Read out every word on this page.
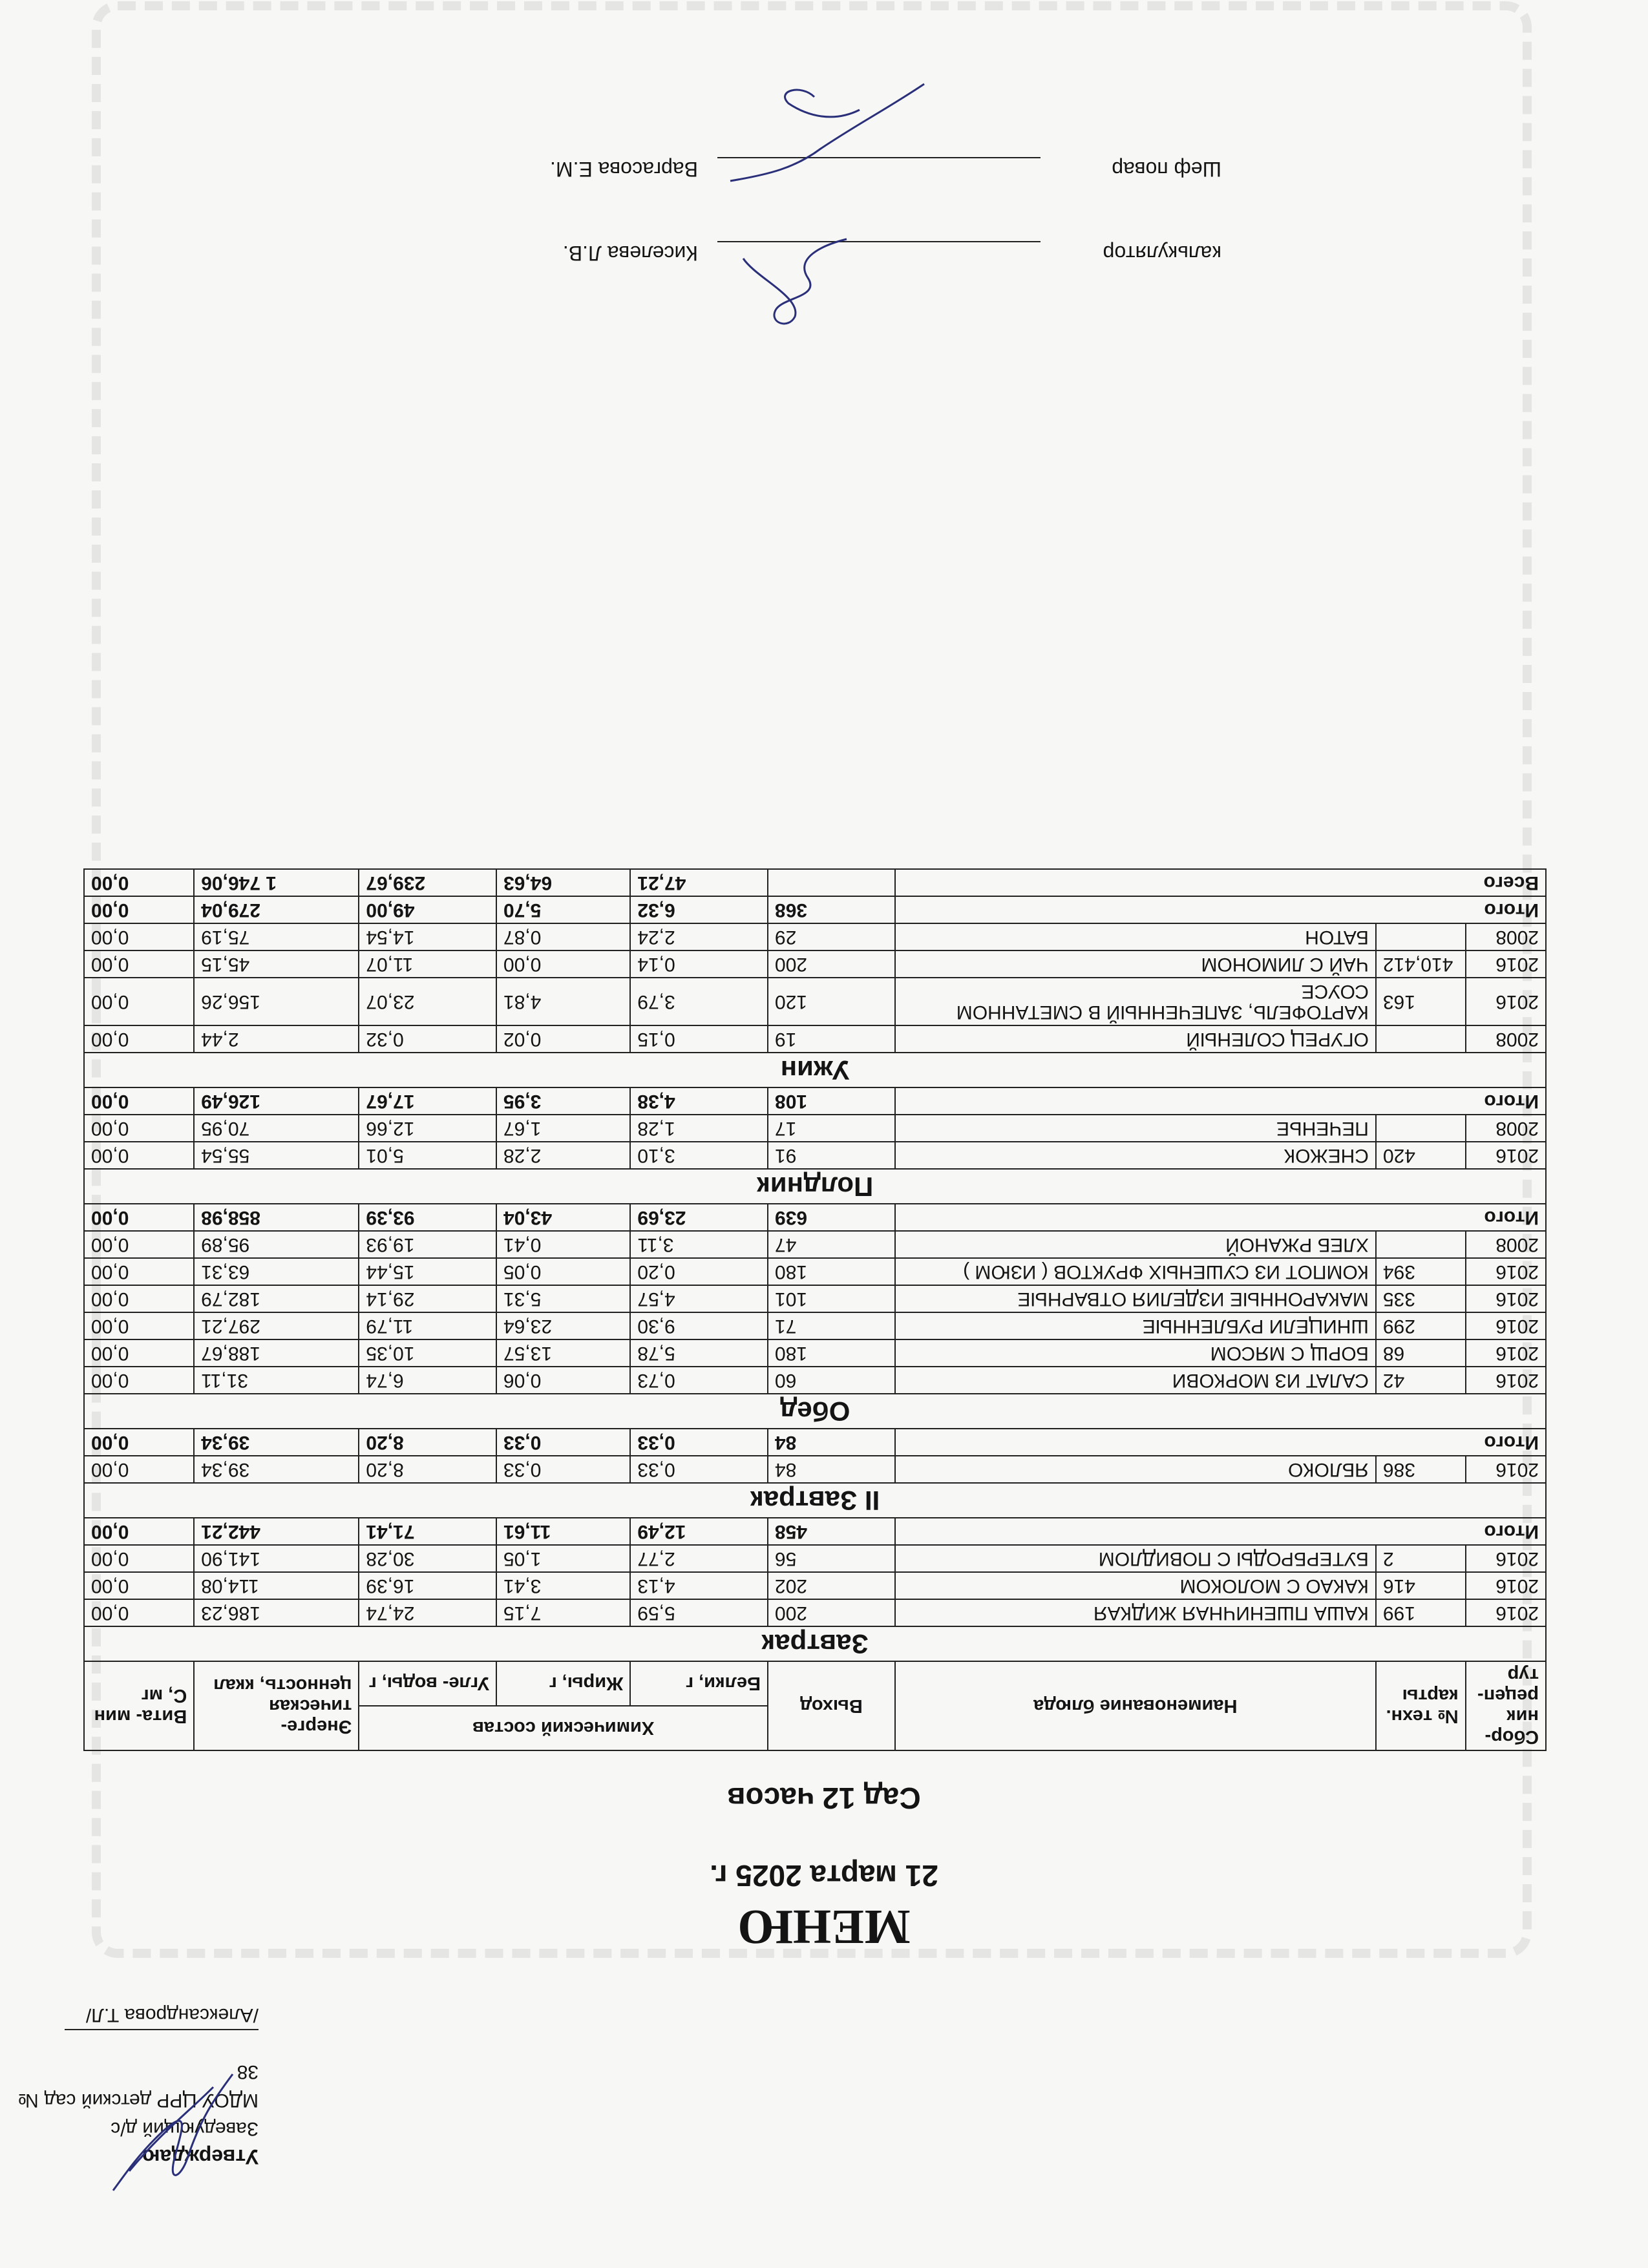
Утверждаю
Заведующий д/с
МДОУ ЦРР детский сад № 38
/Александрова Т.Л/
МЕНЮ
21 марта 2025 г.
Сад 12 часов
Сбор- ник рецеп- тур	№ техн. карты	Наименование блюда	Выход	Химический состав			Энерге- тическая ценность, ккал	Вита- мин С, мг
				Белки, г	Жиры, г	Угле- воды, г		
Завтрак								
2016	199	КАША ПШЕНИЧНАЯ ЖИДКАЯ	200	5,59	7,15	24,74	186,23	0,00
2016	416	КАКАО С МОЛОКОМ	202	4,13	3,41	16,39	114,08	0,00
2016	2	БУТЕРБРОДЫ С ПОВИДЛОМ	56	2,77	1,05	30,28	141,90	0,00
Итого			458	12,49	11,61	71,41	442,21	0,00
II Завтрак								
2016	386	ЯБЛОКО	84	0,33	0,33	8,20	39,34	0,00
Итого			84	0,33	0,33	8,20	39,34	0,00
Обед								
2016	42	САЛАТ ИЗ МОРКОВИ	60	0,73	0,06	6,74	31,11	0,00
2016	68	БОРЩ С МЯСОМ	180	5,78	13,57	10,35	188,67	0,00
2016	299	ШНИЦЕЛИ РУБЛЕННЫЕ	71	9,30	23,64	11,79	297,21	0,00
2016	335	МАКАРОННЫЕ ИЗДЕЛИЯ ОТВАРНЫЕ	101	4,57	5,31	29,14	182,79	0,00
2016	394	КОМПОТ ИЗ СУШЕНЫХ ФРУКТОВ ( ИЗЮМ )	180	0,20	0,05	15,44	63,31	0,00
2008		ХЛЕБ РЖАНОЙ	47	3,11	0,41	19,93	95,89	0,00
Итого			639	23,69	43,04	93,39	858,98	0,00
Полдник								
2016	420	СНЕЖОК	91	3,10	2,28	5,01	55,54	0,00
2008		ПЕЧЕНЬЕ	17	1,28	1,67	12,66	70,95	0,00
Итого			108	4,38	3,95	17,67	126,49	0,00
Ужин								
2008		ОГУРЕЦ СОЛЕНЫЙ	19	0,15	0,02	0,32	2,44	0,00
2016	163	КАРТОФЕЛЬ, ЗАПЕЧЕННЫЙ В СМЕТАННОМ СОУСЕ	120	3,79	4,81	23,07	156,26	0,00
2016	410,412	ЧАЙ С ЛИМОНОМ	200	0,14	0,00	11,07	45,15	0,00
2008		БАТОН	29	2,24	0,87	14,54	75,19	0,00
Итого			368	6,32	5,70	49,00	279,04	0,00
Всего				47,21	64,63	239,67	1 746,06	0,00
калькуляторКиселева Л.В.
Шеф поварВаргасова Е.М.
